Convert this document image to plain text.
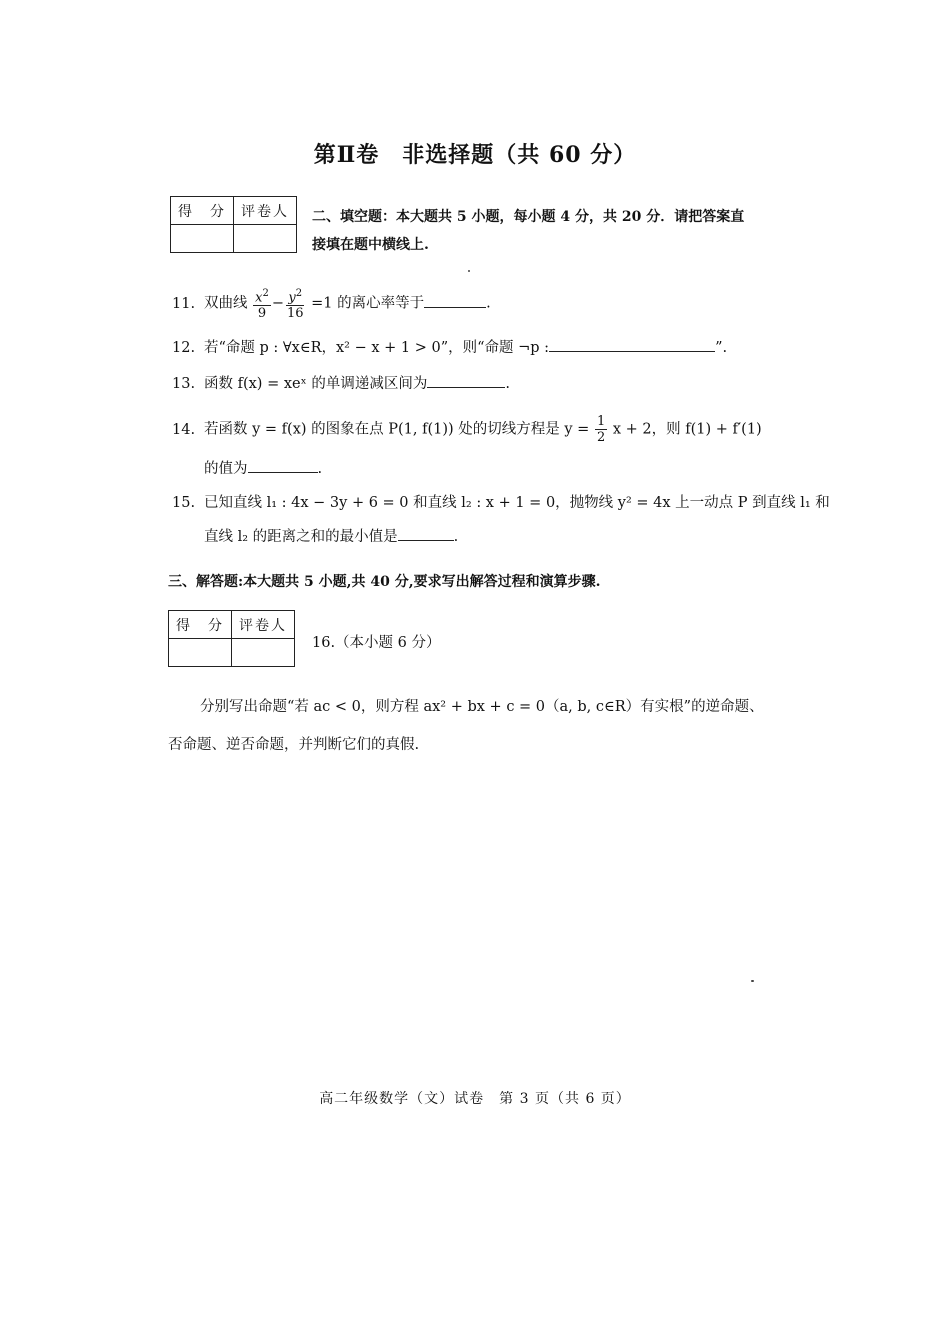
第Ⅱ卷　非选择题（共 60 分）
得　分	评卷人
	二、填空题：本大题共 5 小题，每小题 4 分，共 20 分．请把答案直
接填在题中横线上.
11. 双曲线 $\frac{x^2}{9} - \frac{y^2}{16} =1$ 的离心率等于	.
12. 若“命题 p : ∀x∈R，x² − x + 1 > 0”，则“命题 ¬p :	”.
13. 函数 f(x) = xeˣ 的单调递减区间为	.
14. 若函数 y = f(x) 的图象在点 P(1, f(1)) 处的切线方程是 $y = \frac{1}{2}$ x + 2，则 f(1) + f′(1)
的值为	.
15. 已知直线 l₁ : 4x − 3y + 6 = 0 和直线 l₂ : x + 1 = 0，抛物线 y² = 4x 上一动点 P 到直线 l₁ 和
直线 l₂ 的距离之和的最小值是	.
三、解答题:本大题共 5 小题,共 40 分,要求写出解答过程和演算步骤.
得　分	评卷人

16.（本小题 6 分）
分别写出命题“若 ac < 0，则方程 ax² + bx + c = 0（a, b, c∈R）有实根”的逆命题、
否命题、逆否命题，并判断它们的真假.
高二年级数学（文）试卷　第 3 页（共 6 页）
